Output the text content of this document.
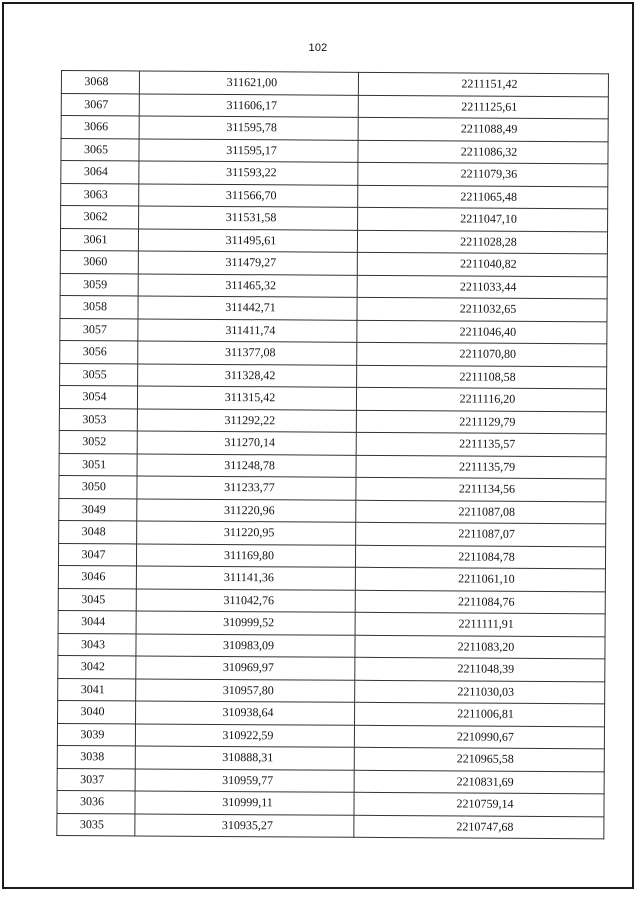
102
3068	311621,00	2211151,42
3067	311606,17	2211125,61
3066	311595,78	2211088,49
3065	311595,17	2211086,32
3064	311593,22	2211079,36
3063	311566,70	2211065,48
3062	311531,58	2211047,10
3061	311495,61	2211028,28
3060	311479,27	2211040,82
3059	311465,32	2211033,44
3058	311442,71	2211032,65
3057	311411,74	2211046,40
3056	311377,08	2211070,80
3055	311328,42	2211108,58
3054	311315,42	2211116,20
3053	311292,22	2211129,79
3052	311270,14	2211135,57
3051	311248,78	2211135,79
3050	311233,77	2211134,56
3049	311220,96	2211087,08
3048	311220,95	2211087,07
3047	311169,80	2211084,78
3046	311141,36	2211061,10
3045	311042,76	2211084,76
3044	310999,52	2211111,91
3043	310983,09	2211083,20
3042	310969,97	2211048,39
3041	310957,80	2211030,03
3040	310938,64	2211006,81
3039	310922,59	2210990,67
3038	310888,31	2210965,58
3037	310959,77	2210831,69
3036	310999,11	2210759,14
3035	310935,27	2210747,68
